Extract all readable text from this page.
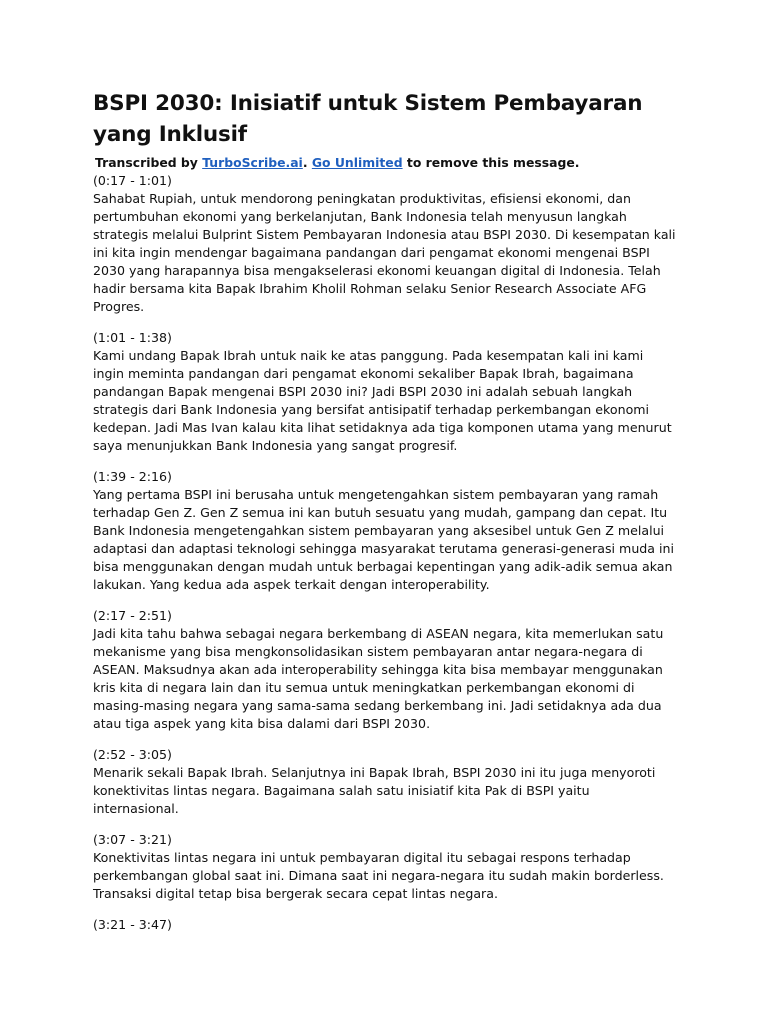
BSPI 2030: Inisiatif untuk Sistem Pembayaran yang Inklusif
Transcribed by TurboScribe.ai. Go Unlimited to remove this message.
(0:17 - 1:01)

Sahabat Rupiah, untuk mendorong peningkatan produktivitas, efisiensi ekonomi, dan pertumbuhan ekonomi yang berkelanjutan, Bank Indonesia telah menyusun langkah strategis melalui Bulprint Sistem Pembayaran Indonesia atau BSPI 2030. Di kesempatan kali ini kita ingin mendengar bagaimana pandangan dari pengamat ekonomi mengenai BSPI 2030 yang harapannya bisa mengakselerasi ekonomi keuangan digital di Indonesia. Telah hadir bersama kita Bapak Ibrahim Kholil Rohman selaku Senior Research Associate AFG Progres.

(1:01 - 1:38)

Kami undang Bapak Ibrah untuk naik ke atas panggung. Pada kesempatan kali ini kami ingin meminta pandangan dari pengamat ekonomi sekaliber Bapak Ibrah, bagaimana pandangan Bapak mengenai BSPI 2030 ini? Jadi BSPI 2030 ini adalah sebuah langkah strategis dari Bank Indonesia yang bersifat antisipatif terhadap perkembangan ekonomi kedepan. Jadi Mas Ivan kalau kita lihat setidaknya ada tiga komponen utama yang menurut saya menunjukkan Bank Indonesia yang sangat progresif.

(1:39 - 2:16)

Yang pertama BSPI ini berusaha untuk mengetengahkan sistem pembayaran yang ramah terhadap Gen Z. Gen Z semua ini kan butuh sesuatu yang mudah, gampang dan cepat. Itu Bank Indonesia mengetengahkan sistem pembayaran yang aksesibel untuk Gen Z melalui adaptasi dan adaptasi teknologi sehingga masyarakat terutama generasi-generasi muda ini bisa menggunakan dengan mudah untuk berbagai kepentingan yang adik-adik semua akan lakukan. Yang kedua ada aspek terkait dengan interoperability.

(2:17 - 2:51)

Jadi kita tahu bahwa sebagai negara berkembang di ASEAN negara, kita memerlukan satu mekanisme yang bisa mengkonsolidasikan sistem pembayaran antar negara-negara di ASEAN. Maksudnya akan ada interoperability sehingga kita bisa membayar menggunakan kris kita di negara lain dan itu semua untuk meningkatkan perkembangan ekonomi di masing-masing negara yang sama-sama sedang berkembang ini. Jadi setidaknya ada dua atau tiga aspek yang kita bisa dalami dari BSPI 2030.

(2:52 - 3:05)

Menarik sekali Bapak Ibrah. Selanjutnya ini Bapak Ibrah, BSPI 2030 ini itu juga menyoroti konektivitas lintas negara. Bagaimana salah satu inisiatif kita Pak di BSPI yaitu internasional.

(3:07 - 3:21)

Konektivitas lintas negara ini untuk pembayaran digital itu sebagai respons terhadap perkembangan global saat ini. Dimana saat ini negara-negara itu sudah makin borderless. Transaksi digital tetap bisa bergerak secara cepat lintas negara.

(3:21 - 3:47)
